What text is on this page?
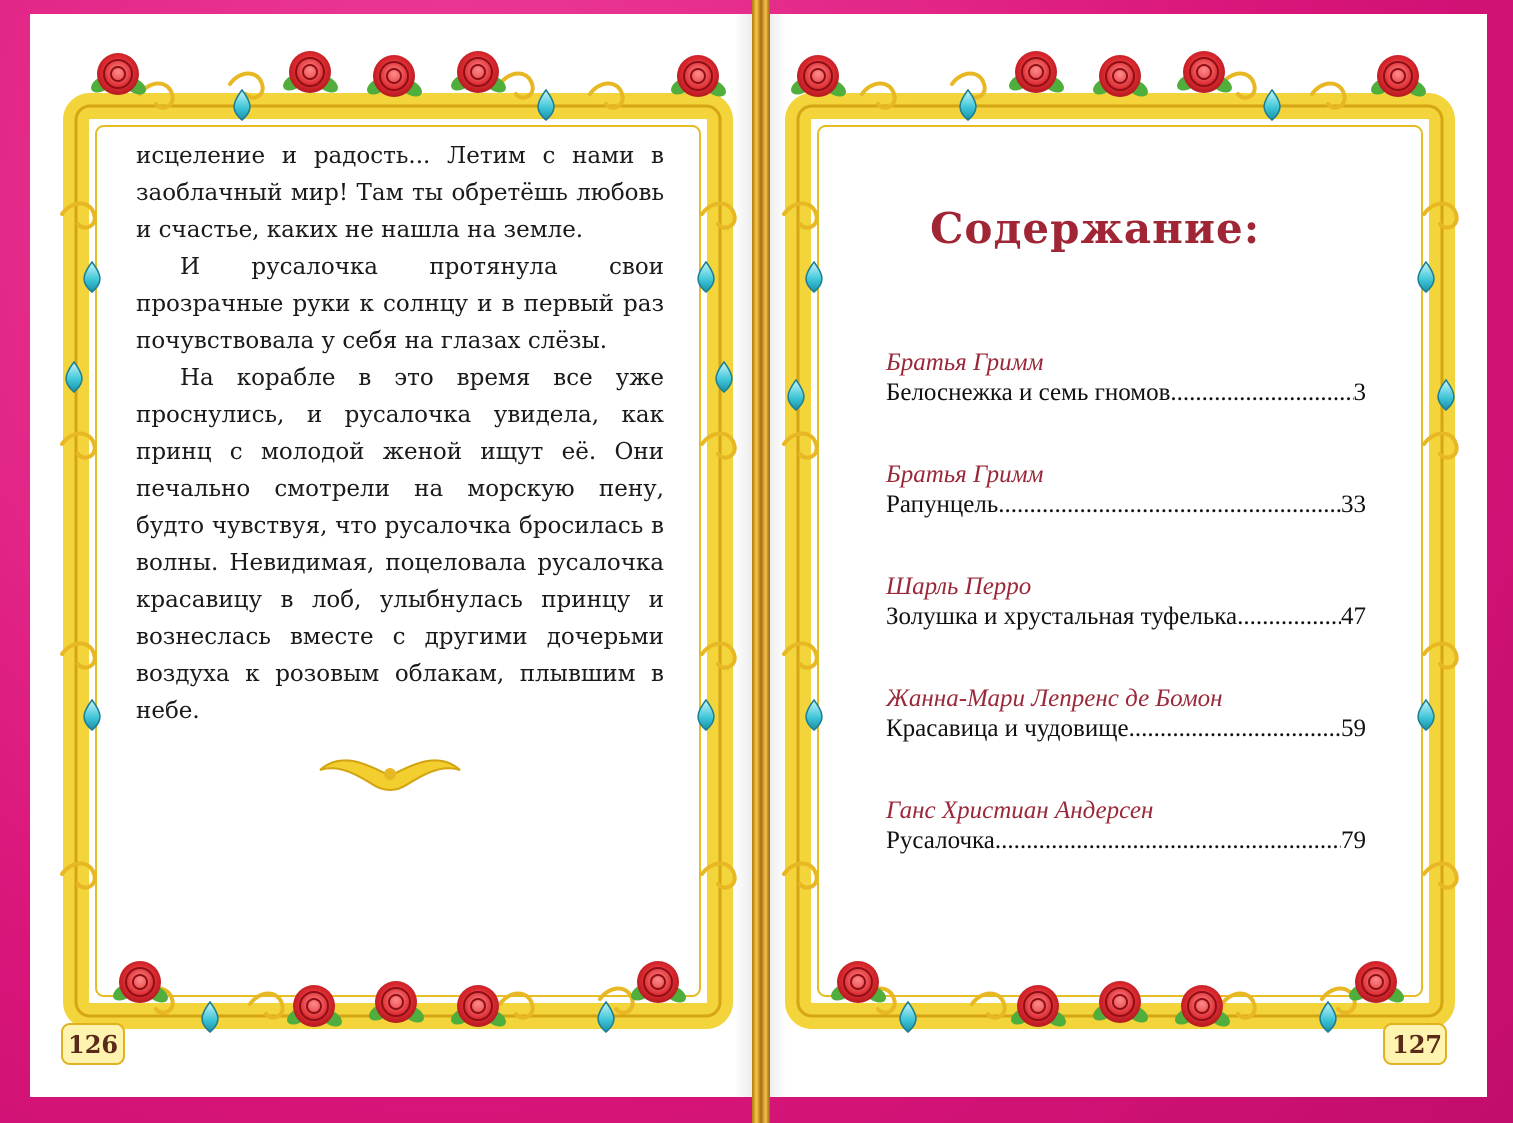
исцеление и радость... Летим с нами в заоблачный мир! Там ты обретёшь любовь и счастье, каких не нашла на земле.

И русалочка протянула свои прозрачные руки к солнцу и в первый раз почувствовала у себя на глазах слёзы.

На корабле в это время все уже проснулись, и русалочка увидела, как принц с молодой женой ищут её. Они печально смотрели на морскую пену, будто чувствуя, что русалочка бросилась в волны. Невидимая, поцеловала русалочка красавицу в лоб, улыбнулась принцу и вознеслась вместе с другими дочерьми воздуха к розовым облакам, плывшим в небе.

126
Содержание:
Братья Гримм
Белоснежка и семь гномов .....	3
Братья Гримм
Рапунцель .....	33
Шарль Перро
Золушка и хрустальная туфелька .....	47
Жанна-Мари Лепренс де Бомон
Красавица и чудовище .....	59
Ганс Христиан Андерсен
Русалочка .....	79
127
